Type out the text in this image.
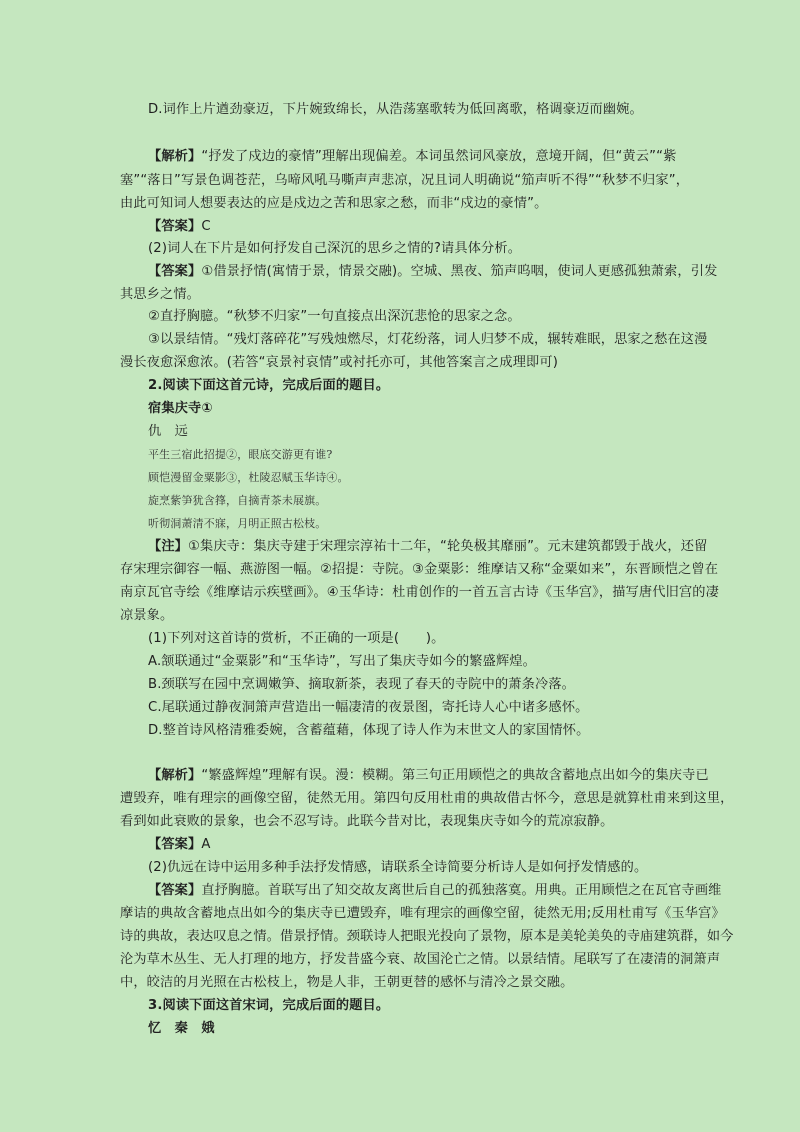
D.词作上片遒劲豪迈，下片婉致绵长，从浩荡塞歌转为低回离歌，格调豪迈而幽婉。
【解析】“抒发了戍边的豪情”理解出现偏差。本词虽然词风豪放，意境开阔，但“黄云”“紫
塞”“落日”写景色调苍茫，乌啼风吼马嘶声声悲凉，况且词人明确说“笳声听不得”“秋梦不归家”，
由此可知词人想要表达的应是戍边之苦和思家之愁，而非“戍边的豪情”。
【答案】C
(2)词人在下片是如何抒发自己深沉的思乡之情的?请具体分析。
【答案】①借景抒情(寓情于景，情景交融)。空城、黑夜、笳声呜咽，使词人更感孤独萧索，引发
其思乡之情。
②直抒胸臆。“秋梦不归家”一句直接点出深沉悲怆的思家之念。
③以景结情。“残灯落碎花”写残烛燃尽，灯花纷落，词人归梦不成，辗转难眠，思家之愁在这漫
漫长夜愈深愈浓。(若答“哀景衬哀情”或衬托亦可，其他答案言之成理即可)
2.阅读下面这首元诗，完成后面的题目。
宿集庆寺①
仇　远
平生三宿此招提②，眼底交游更有谁?
顾恺漫留金粟影③，杜陵忍赋玉华诗④。
旋烹紫笋犹含箨，自摘青茶未展旗。
听彻洞萧清不寐，月明正照古松枝。
【注】①集庆寺：集庆寺建于宋理宗淳祐十二年，“轮奂极其靡丽”。元末建筑都毁于战火，还留
存宋理宗御容一幅、燕游图一幅。②招提：寺院。③金粟影：维摩诘又称“金粟如来”，东晋顾恺之曾在
南京瓦官寺绘《维摩诘示疾壁画》。④玉华诗：杜甫创作的一首五言古诗《玉华宫》，描写唐代旧宫的凄
凉景象。
(1)下列对这首诗的赏析，不正确的一项是(　　)。
A.颔联通过“金粟影”和“玉华诗”，写出了集庆寺如今的繁盛辉煌。
B.颈联写在园中烹调嫩笋、摘取新茶，表现了春天的寺院中的萧条冷落。
C.尾联通过静夜洞箫声营造出一幅凄清的夜景图，寄托诗人心中诸多感怀。
D.整首诗风格清雅委婉，含蓄蕴藉，体现了诗人作为末世文人的家国情怀。
【解析】“繁盛辉煌”理解有误。漫：模糊。第三句正用顾恺之的典故含蓄地点出如今的集庆寺已
遭毁弃，唯有理宗的画像空留，徒然无用。第四句反用杜甫的典故借古怀今，意思是就算杜甫来到这里，
看到如此衰败的景象，也会不忍写诗。此联今昔对比，表现集庆寺如今的荒凉寂静。
【答案】A
(2)仇远在诗中运用多种手法抒发情感，请联系全诗简要分析诗人是如何抒发情感的。
【答案】直抒胸臆。首联写出了知交故友离世后自己的孤独落寞。用典。正用顾恺之在瓦官寺画维
摩诘的典故含蓄地点出如今的集庆寺已遭毁弃，唯有理宗的画像空留，徒然无用;反用杜甫写《玉华宫》
诗的典故，表达叹息之情。借景抒情。颈联诗人把眼光投向了景物，原本是美轮美奂的寺庙建筑群，如今
沦为草木丛生、无人打理的地方，抒发昔盛今衰、故国沦亡之情。以景结情。尾联写了在凄清的洞箫声
中，皎洁的月光照在古松枝上，物是人非，王朝更替的感怀与清冷之景交融。
3.阅读下面这首宋词，完成后面的题目。
忆　秦　娥
